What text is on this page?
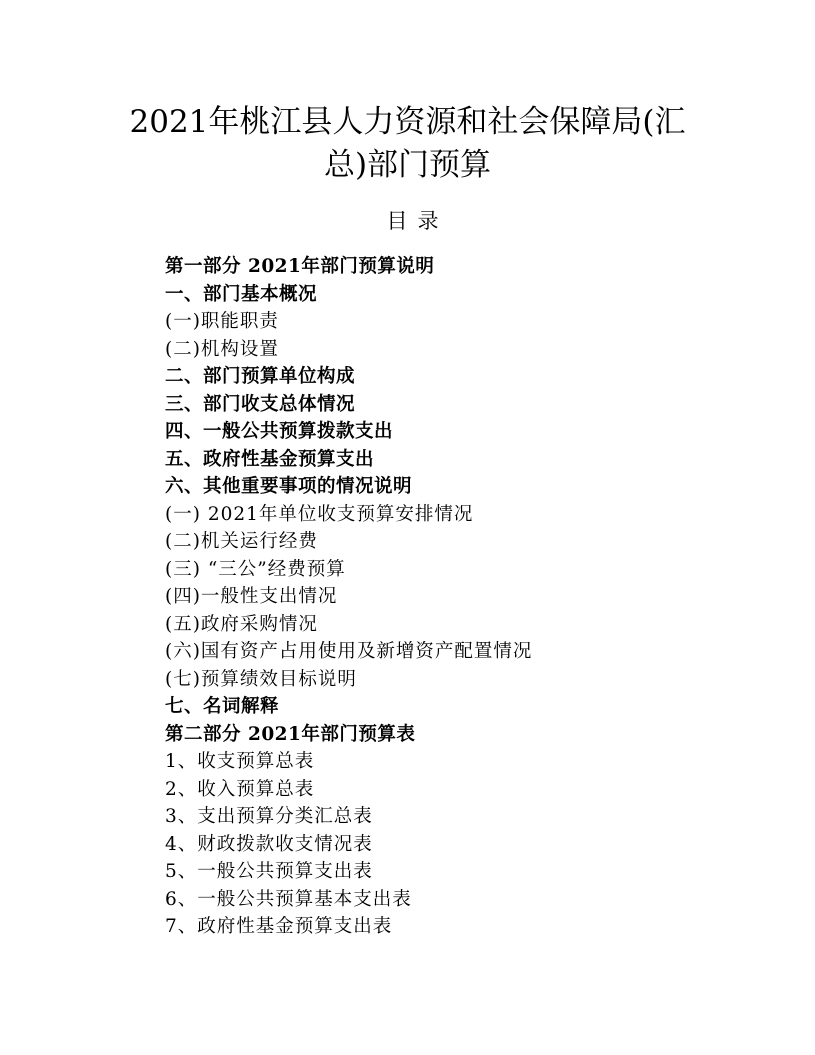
2021年桃江县人力资源和社会保障局(汇
总)部门预算
目录
第一部分 2021年部门预算说明
一、部门基本概况
(一)职能职责
(二)机构设置
二、部门预算单位构成
三、部门收支总体情况
四、一般公共预算拨款支出
五、政府性基金预算支出
六、其他重要事项的情况说明
(一) 2021年单位收支预算安排情况
(二)机关运行经费
(三) “三公”经费预算
(四)一般性支出情况
(五)政府采购情况
(六)国有资产占用使用及新增资产配置情况
(七)预算绩效目标说明
七、名词解释
第二部分 2021年部门预算表
1、收支预算总表
2、收入预算总表
3、支出预算分类汇总表
4、财政拨款收支情况表
5、一般公共预算支出表
6、一般公共预算基本支出表
7、政府性基金预算支出表
